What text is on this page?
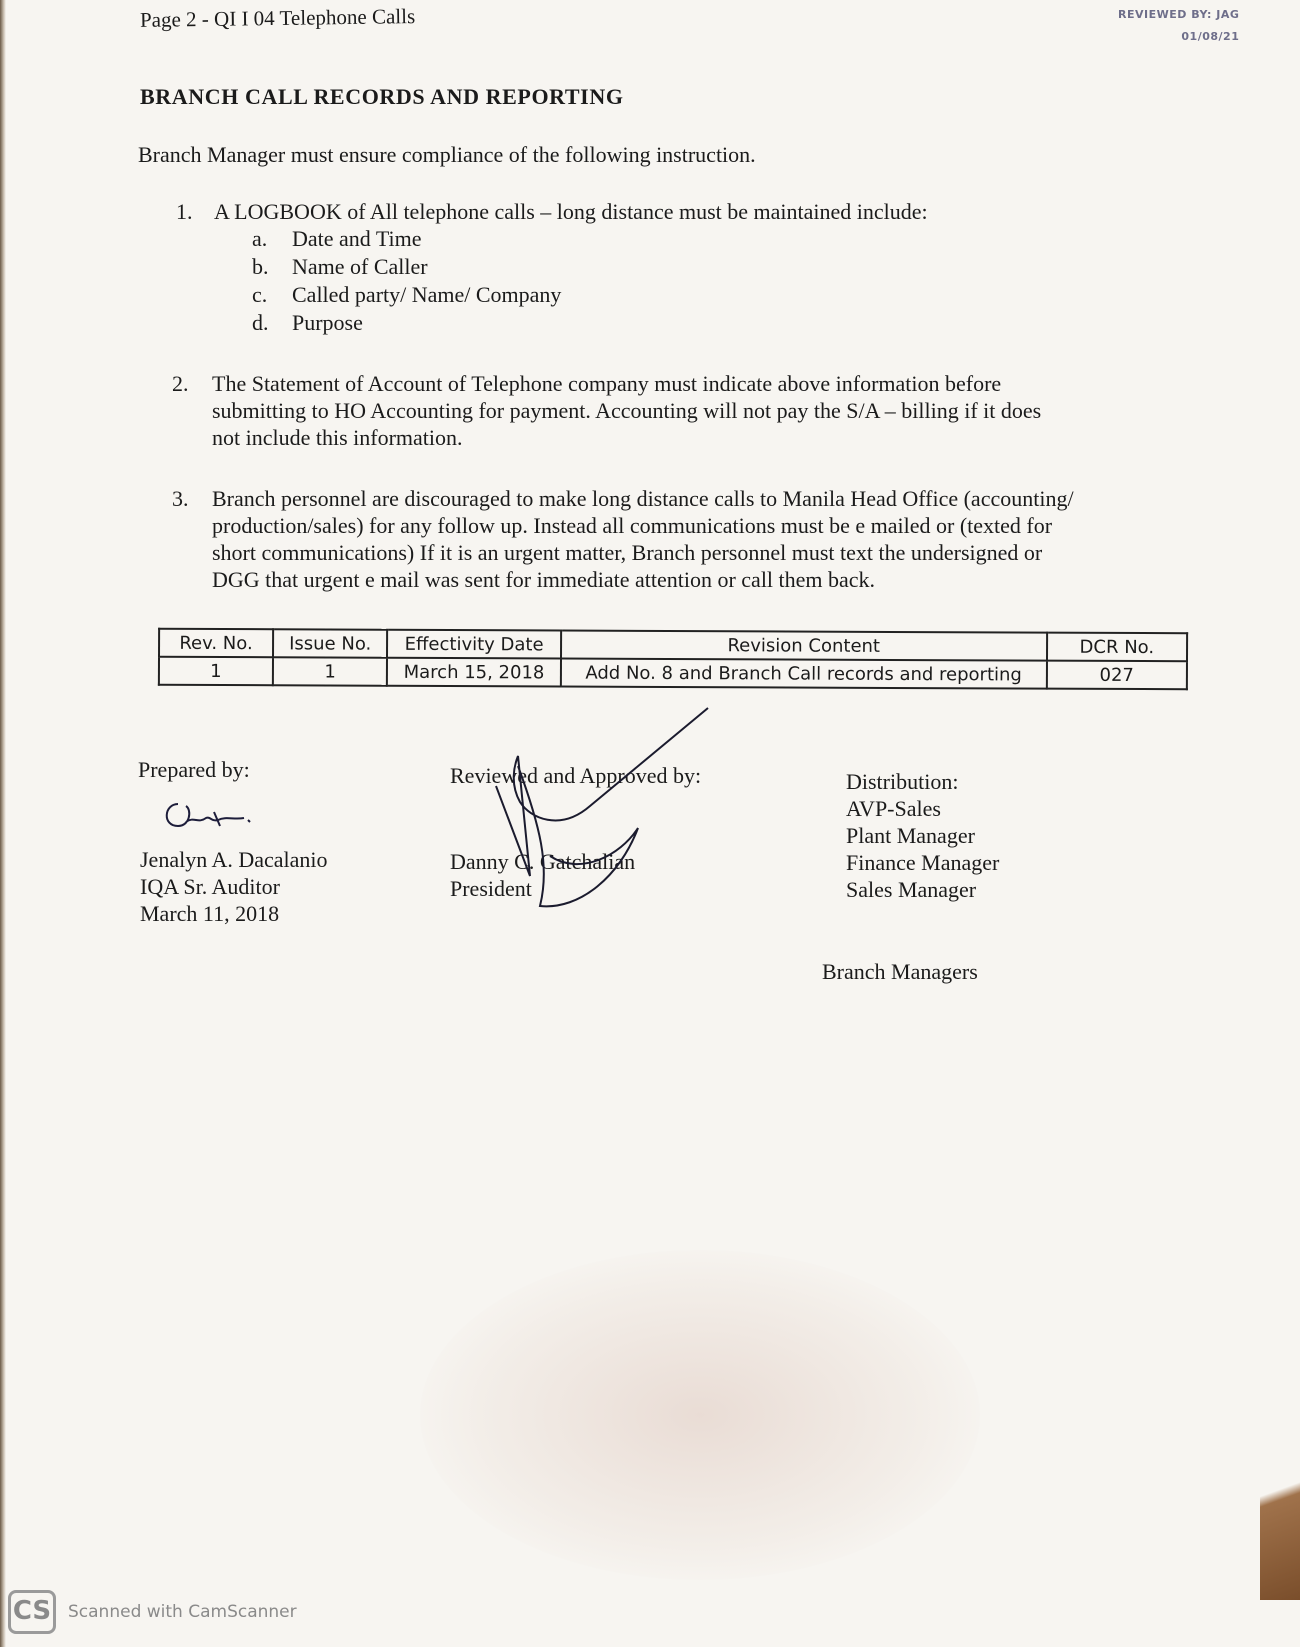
Page 2 - QI I 04 Telephone Calls	REVIEWED BY: JAG
01/08/21
BRANCH CALL RECORDS AND REPORTING
Branch Manager must ensure compliance of the following instruction.
1. A LOGBOOK of All telephone calls – long distance must be maintained include:
a. Date and Time
b. Name of Caller
c. Called party/ Name/ Company
d. Purpose
2. The Statement of Account of Telephone company must indicate above information before
submitting to HO Accounting for payment. Accounting will not pay the S/A – billing if it does
not include this information.
3. Branch personnel are discouraged to make long distance calls to Manila Head Office (accounting/
production/sales) for any follow up. Instead all communications must be e mailed or (texted for
short communications) If it is an urgent matter, Branch personnel must text the undersigned or
DGG that urgent e mail was sent for immediate attention or call them back.
Rev. No.	Issue No.	Effectivity Date	Revision Content	DCR No.
1	1	March 15, 2018	Add No. 8 and Branch Call records and reporting	027
Prepared by:
Jenalyn A. Dacalanio
IQA Sr. Auditor
March 11, 2018
Reviewed and Approved by:
Danny C. Gatchalian
President
Distribution:
AVP-Sales
Plant Manager
Finance Manager
Sales Manager
Branch Managers
CS Scanned with CamScanner
